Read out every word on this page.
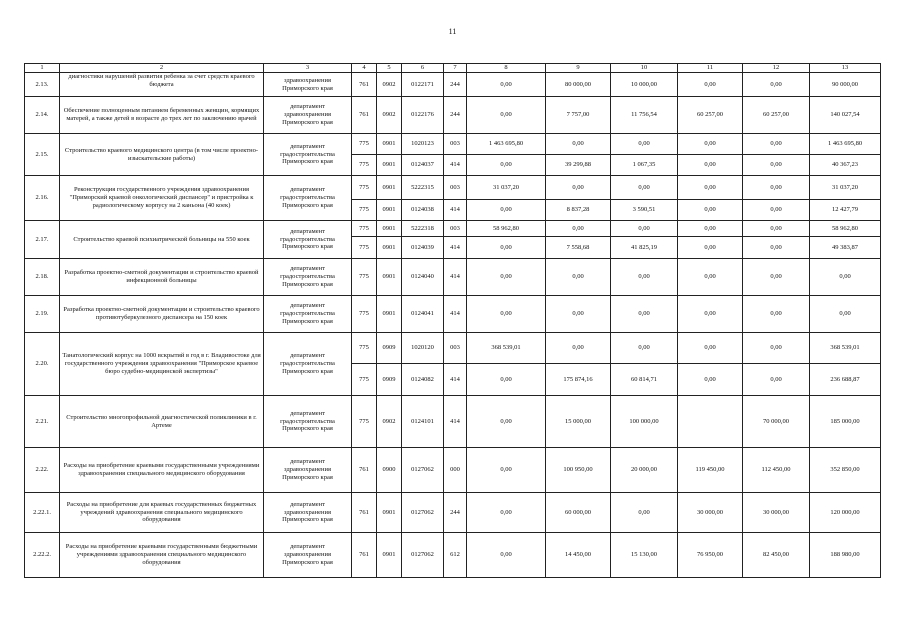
11
1	2	3	4	5	6	7	8	9	10	11	12	13
2.13.	диагностики нарушений развития ребенка за счет средств краевого бюджета	здравоохранения Приморского края	761	0902	0122171	244	0,00	80 000,00	10 000,00	0,00	0,00	90 000,00
2.14.	Обеспечение полноценным питанием беременных женщин, кормящих матерей, а также детей в возрасте до трех лет по заключению врачей	департамент здравоохранения Приморского края	761	0902	0122176	244	0,00	7 757,00	11 756,54	60 257,00	60 257,00	140 027,54
2.15.	Строительство краевого медицинского центра (в том числе проектно-изыскательские работы)	департамент градостроительства Приморского края	775	0901	1020123	003	1 463 695,80	0,00	0,00	0,00	0,00	1 463 695,80
			775	0901	0124037	414	0,00	39 299,88	1 067,35	0,00	0,00	40 367,23
2.16.	Реконструкция государственного учреждения здравоохранения "Приморский краевой онкологический диспансер" и пристройка к радиологическому корпусу на 2 каньона (40 коек)	департамент градостроительства Приморского края	775	0901	5222315	003	31 037,20	0,00	0,00	0,00	0,00	31 037,20
			775	0901	0124038	414	0,00	8 837,28	3 590,51	0,00	0,00	12 427,79
2.17.	Строительство краевой психиатрической больницы на 550 коек	департамент градостроительства Приморского края	775	0901	5222318	003	58 962,80	0,00	0,00	0,00	0,00	58 962,80
			775	0901	0124039	414	0,00	7 558,68	41 825,19	0,00	0,00	49 383,87
2.18.	Разработка проектно-сметной документации и строительство краевой инфекционной больницы	департамент градостроительства Приморского края	775	0901	0124040	414	0,00	0,00	0,00	0,00	0,00	0,00
2.19.	Разработка проектно-сметной документации и строительство краевого противотуберкулезного диспансера на 150 коек	департамент градостроительства Приморского края	775	0901	0124041	414	0,00	0,00	0,00	0,00	0,00	0,00
2.20.	Танатологический корпус на 1000 вскрытий в год в г. Владивостоке для государственного учреждения здравоохранения "Приморское краевое бюро судебно-медицинской экспертизы"	департамент градостроительства Приморского края	775	0909	1020120	003	368 539,01	0,00	0,00	0,00	0,00	368 539,01
			775	0909	0124082	414	0,00	175 874,16	60 814,71	0,00	0,00	236 688,87
2.21.	Строительство многопрофильной диагностической поликлиники в г. Артеме	департамент градостроительства Приморского края	775	0902	0124101	414	0,00	15 000,00	100 000,00		70 000,00	185 000,00
2.22.	Расходы на приобретение краевыми государственными учреждениями здравоохранения специального медицинского оборудования	департамент здравоохранения Приморского края	761	0900	0127062	000	0,00	100 950,00	20 000,00	119 450,00	112 450,00	352 850,00
2.22.1.	Расходы на приобретение для краевых государственных бюджетных учреждений здравоохранения специального медицинского оборудования	департамент здравоохранения Приморского края	761	0901	0127062	244	0,00	60 000,00	0,00	30 000,00	30 000,00	120 000,00
2.22.2.	Расходы на приобретение краевыми государственными бюджетными учреждениями здравоохранения специального медицинского оборудования	департамент здравоохранения Приморского края	761	0901	0127062	612	0,00	14 450,00	15 130,00	76 950,00	82 450,00	188 980,00
